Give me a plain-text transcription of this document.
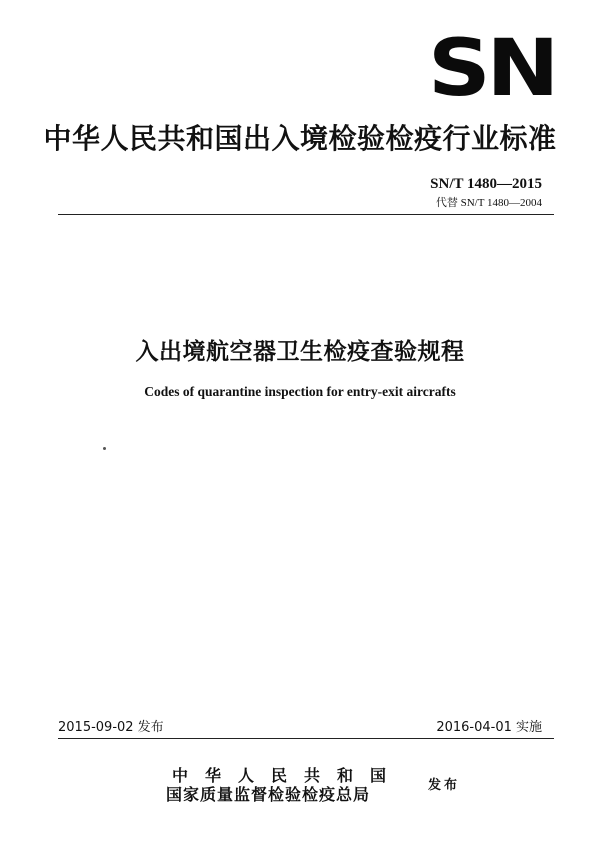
SN
中华人民共和国出入境检验检疫行业标准
SN/T 1480—2015
代替 SN/T 1480—2004
入出境航空器卫生检疫查验规程
Codes of quarantine inspection for entry-exit aircrafts
2015-09-02 发布	2016-04-01 实施
中华人民共和国
国家质量监督检验检疫总局	发布
